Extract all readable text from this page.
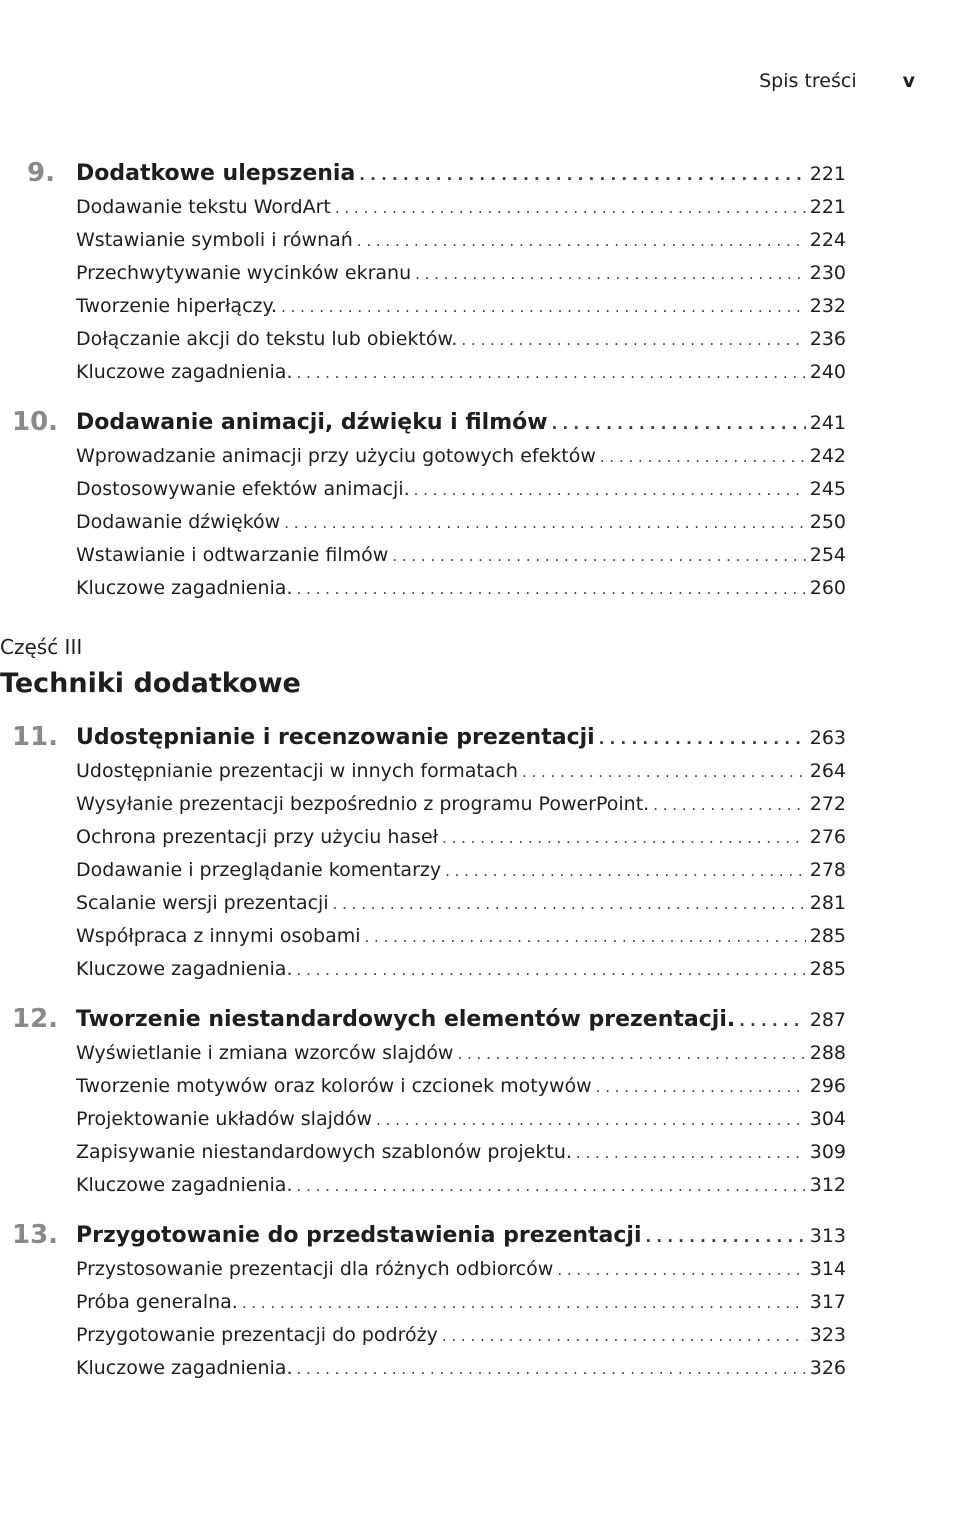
Spis treści v
9. Dodatkowe ulepszenia . . .	221
Dodawanie tekstu WordArt . . .	221
Wstawianie symboli i równań . . .	224
Przechwytywanie wycinków ekranu . . .	230
Tworzenie hiperłączy. . . .	232
Dołączanie akcji do tekstu lub obiektów. . . .	236
Kluczowe zagadnienia. . . .	240
10. Dodawanie animacji, dźwięku i filmów . . .	241
Wprowadzanie animacji przy użyciu gotowych efektów . . .	242
Dostosowywanie efektów animacji. . . .	245
Dodawanie dźwięków . . .	250
Wstawianie i odtwarzanie filmów . . .	254
Kluczowe zagadnienia. . . .	260
Część III
Techniki dodatkowe
11. Udostępnianie i recenzowanie prezentacji . . .	263
Udostępnianie prezentacji w innych formatach . . .	264
Wysyłanie prezentacji bezpośrednio z programu PowerPoint. . . .	272
Ochrona prezentacji przy użyciu haseł . . .	276
Dodawanie i przeglądanie komentarzy . . .	278
Scalanie wersji prezentacji . . .	281
Współpraca z innymi osobami . . .	285
Kluczowe zagadnienia. . . .	285
12. Tworzenie niestandardowych elementów prezentacji. . . .	287
Wyświetlanie i zmiana wzorców slajdów . . .	288
Tworzenie motywów oraz kolorów i czcionek motywów . . .	296
Projektowanie układów slajdów . . .	304
Zapisywanie niestandardowych szablonów projektu. . . .	309
Kluczowe zagadnienia. . . .	312
13. Przygotowanie do przedstawienia prezentacji . . .	313
Przystosowanie prezentacji dla różnych odbiorców . . .	314
Próba generalna. . . .	317
Przygotowanie prezentacji do podróży . . .	323
Kluczowe zagadnienia. . . .	326
